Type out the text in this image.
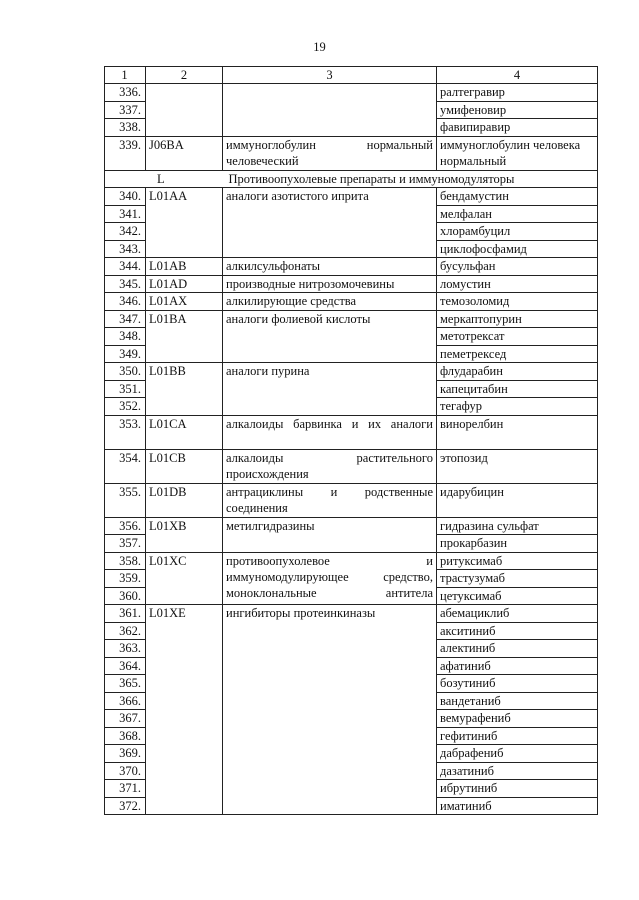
19
1	2	3	4
336.			ралтегравир
337.			умифеновир
338.			фавипиравир
339.	J06BA	иммуноглобулин нормальный человеческий	иммуноглобулин человека нормальный
L		Противоопухолевые препараты и иммуномодуляторы	
340.	L01AA	аналоги азотистого иприта	бендамустин
341.			мелфалан
342.			хлорамбуцил
343.			циклофосфамид
344.	L01AB	алкилсульфонаты	бусульфан
345.	L01AD	производные нитрозомочевины	ломустин
346.	L01AX	алкилирующие средства	темозоломид
347.	L01BA	аналоги фолиевой кислоты	меркаптопурин
348.			метотрексат
349.			пеметрексед
350.	L01BB	аналоги пурина	флударабин
351.			капецитабин
352.			тегафур
353.	L01CA	алкалоиды барвинка и их аналоги	винорелбин
354.	L01CB	алкалоиды растительного происхождения	этопозид
355.	L01DB	антрациклины и родственные соединения	идарубицин
356.	L01XB	метилгидразины	гидразина сульфат
357.			прокарбазин
358.	L01XC	противоопухолевое и иммуномодулирующее средство, моноклональные антитела	ритуксимаб
359.			трастузумаб
360.			цетуксимаб
361.	L01XE	ингибиторы протеинкиназы	абемациклиб
362.			акситиниб
363.			алектиниб
364.			афатиниб
365.			бозутиниб
366.			вандетаниб
367.			вемурафениб
368.			гефитиниб
369.			дабрафениб
370.			дазатиниб
371.			ибрутиниб
372.			иматиниб
